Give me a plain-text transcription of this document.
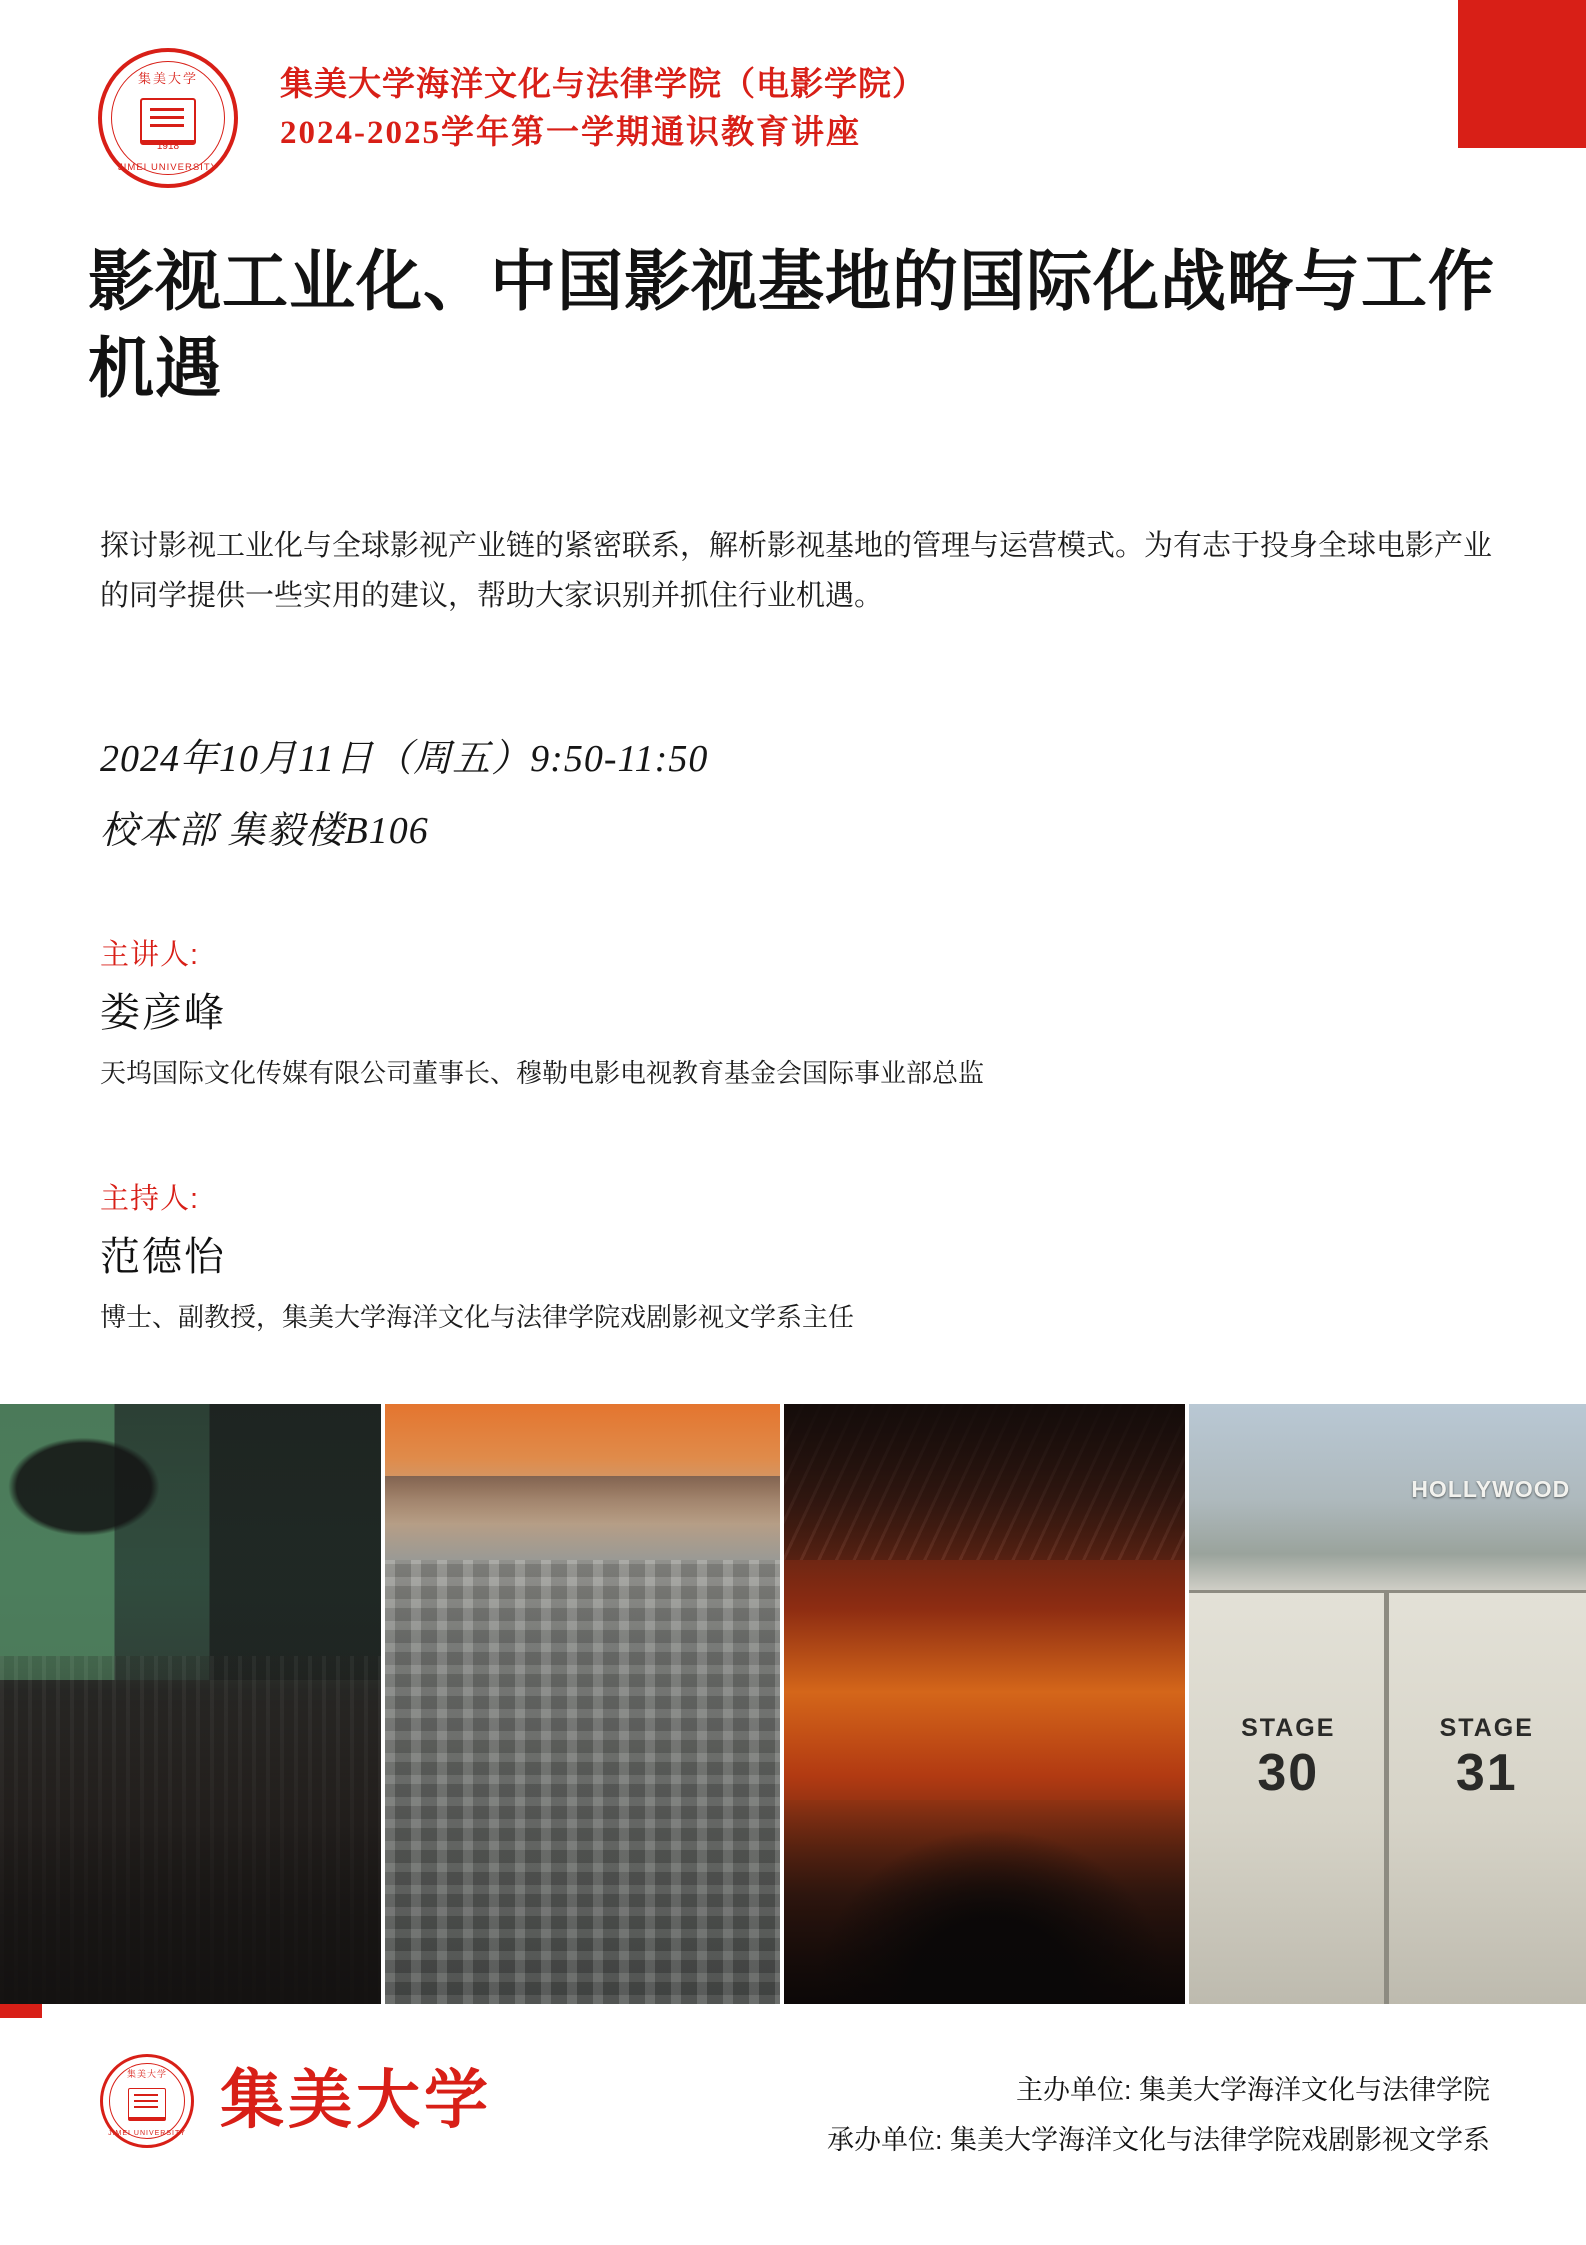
集美大学
1918
JIMEI UNIVERSITY
集美大学海洋文化与法律学院（电影学院）
2024-2025学年第一学期通识教育讲座
影视工业化、中国影视基地的国际化战略与工作机遇
探讨影视工业化与全球影视产业链的紧密联系，解析影视基地的管理与运营模式。为有志于投身全球电影产业的同学提供一些实用的建议，帮助大家识别并抓住行业机遇。
2024年10月11日（周五）9:50-11:50
校本部 集毅楼B106
主讲人:
娄彦峰
天坞国际文化传媒有限公司董事长、穆勒电影电视教育基金会国际事业部总监
主持人:
范德怡
博士、副教授，集美大学海洋文化与法律学院戏剧影视文学系主任
HOLLYWOOD
STAGE
30
STAGE
31
集美大学
JIMEI UNIVERSITY 集美大学	主办单位: 集美大学海洋文化与法律学院
承办单位: 集美大学海洋文化与法律学院戏剧影视文学系
